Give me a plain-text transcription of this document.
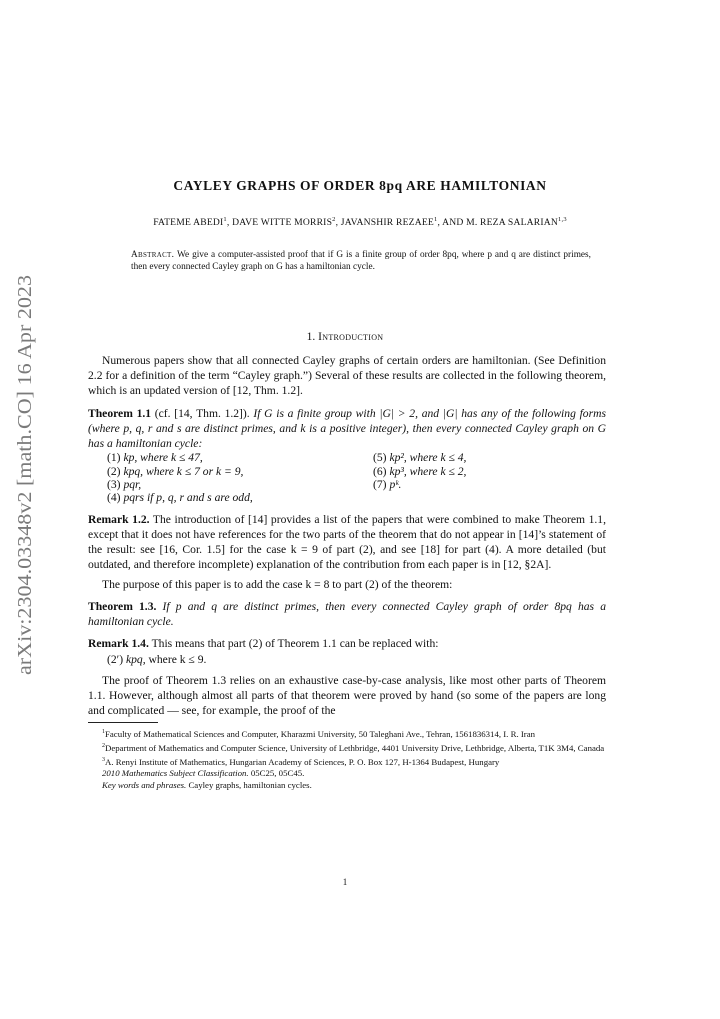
arXiv:2304.03348v2 [math.CO] 16 Apr 2023
CAYLEY GRAPHS OF ORDER 8pq ARE HAMILTONIAN
FATEME ABEDI$^1$, DAVE WITTE MORRIS$^2$, JAVANSHIR REZAEE$^1$, AND M. REZA SALARIAN$^{1,3}$
Abstract. We give a computer-assisted proof that if G is a finite group of order 8pq, where p and q are distinct primes, then every connected Cayley graph on G has a hamiltonian cycle.
1. Introduction

Numerous papers show that all connected Cayley graphs of certain orders are hamiltonian. (See Definition 2.2 for a definition of the term “Cayley graph.”) Several of these results are collected in the following theorem, which is an updated version of [12, Thm. 1.2].

Theorem 1.1 (cf. [14, Thm. 1.2]). If G is a finite group with |G| > 2, and |G| has any of the following forms (where p, q, r and s are distinct primes, and k is a positive integer), then every connected Cayley graph on G has a hamiltonian cycle:

(1) kp, where k ≤ 47,	(5) kp², where k ≤ 4,
(2) kpq, where k ≤ 7 or k = 9,	(6) kp³, where k ≤ 2,
(3) pqr,	(7) pᵏ.
(4) pqrs if p, q, r and s are odd,

Remark 1.2. The introduction of [14] provides a list of the papers that were combined to make Theorem 1.1, except that it does not have references for the two parts of the theorem that do not appear in [14]’s statement of the result: see [16, Cor. 1.5] for the case k = 9 of part (2), and see [18] for part (4). A more detailed (but outdated, and therefore incomplete) explanation of the contribution from each paper is in [12, §2A].

The purpose of this paper is to add the case k = 8 to part (2) of the theorem:

Theorem 1.3. If p and q are distinct primes, then every connected Cayley graph of order 8pq has a hamiltonian cycle.

Remark 1.4. This means that part (2) of Theorem 1.1 can be replaced with:

(2′) kpq, where k ≤ 9.

The proof of Theorem 1.3 relies on an exhaustive case-by-case analysis, like most other parts of Theorem 1.1. However, although almost all parts of that theorem were proved by hand (so some of the papers are long and complicated — see, for example, the proof of the

$^1$Faculty of Mathematical Sciences and Computer, Kharazmi University, 50 Taleghani Ave., Tehran, 1561836314, I. R. Iran

$^2$Department of Mathematics and Computer Science, University of Lethbridge, 4401 University Drive, Lethbridge, Alberta, T1K 3M4, Canada

$^3$A. Renyi Institute of Mathematics, Hungarian Academy of Sciences, P. O. Box 127, H-1364 Budapest, Hungary

2010 Mathematics Subject Classification. 05C25, 05C45.

Key words and phrases. Cayley graphs, hamiltonian cycles.

1
